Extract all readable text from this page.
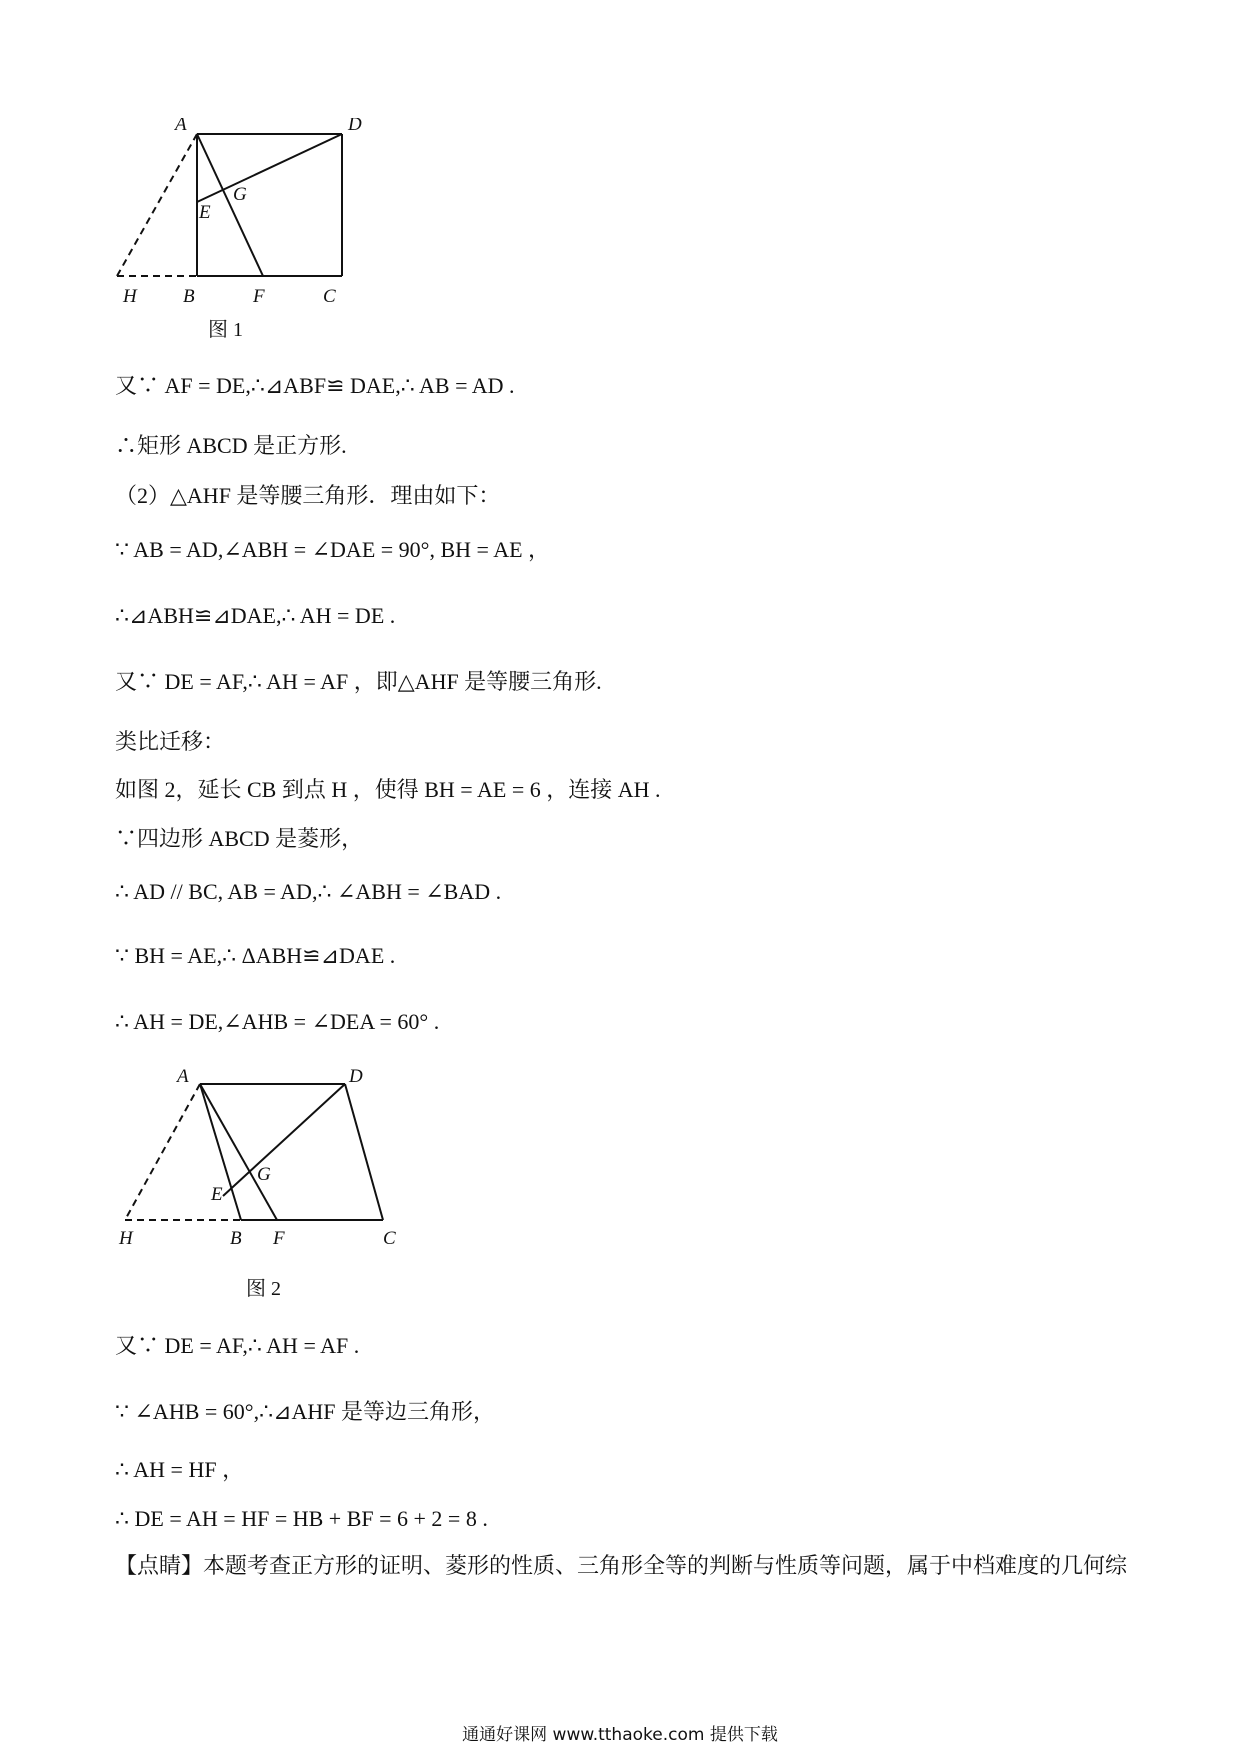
A	D
G
E
H B	F	C
图 1
又∵ AF = DE,∴⊿ABF≌ DAE,∴ AB = AD .
∴矩形 ABCD 是正方形.
（2）△AHF 是等腰三角形．理由如下：
∵ AB = AD,∠ABH = ∠DAE = 90°, BH = AE ，
∴⊿ABH≌⊿DAE,∴ AH = DE .
又∵ DE = AF,∴ AH = AF ，即△AHF 是等腰三角形.
类比迁移：
如图 2，延长 CB 到点 H ，使得 BH = AE = 6 ，连接 AH .
∵四边形 ABCD 是菱形，
∴ AD // BC, AB = AD,∴ ∠ABH = ∠BAD .
∵ BH = AE,∴ ΔABH≌⊿DAE .
∴ AH = DE,∠AHB = ∠DEA = 60° .
A	D
G
E
H	B F	C
图 2
又∵ DE = AF,∴ AH = AF .
∵ ∠AHB = 60°,∴⊿AHF 是等边三角形，
∴ AH = HF ，
∴ DE = AH = HF = HB + BF = 6 + 2 = 8 .
【点睛】本题考查正方形的证明、菱形的性质、三角形全等的判断与性质等问题，属于中档难度的几何综
通通好课网 www.tthaoke.com 提供下载
